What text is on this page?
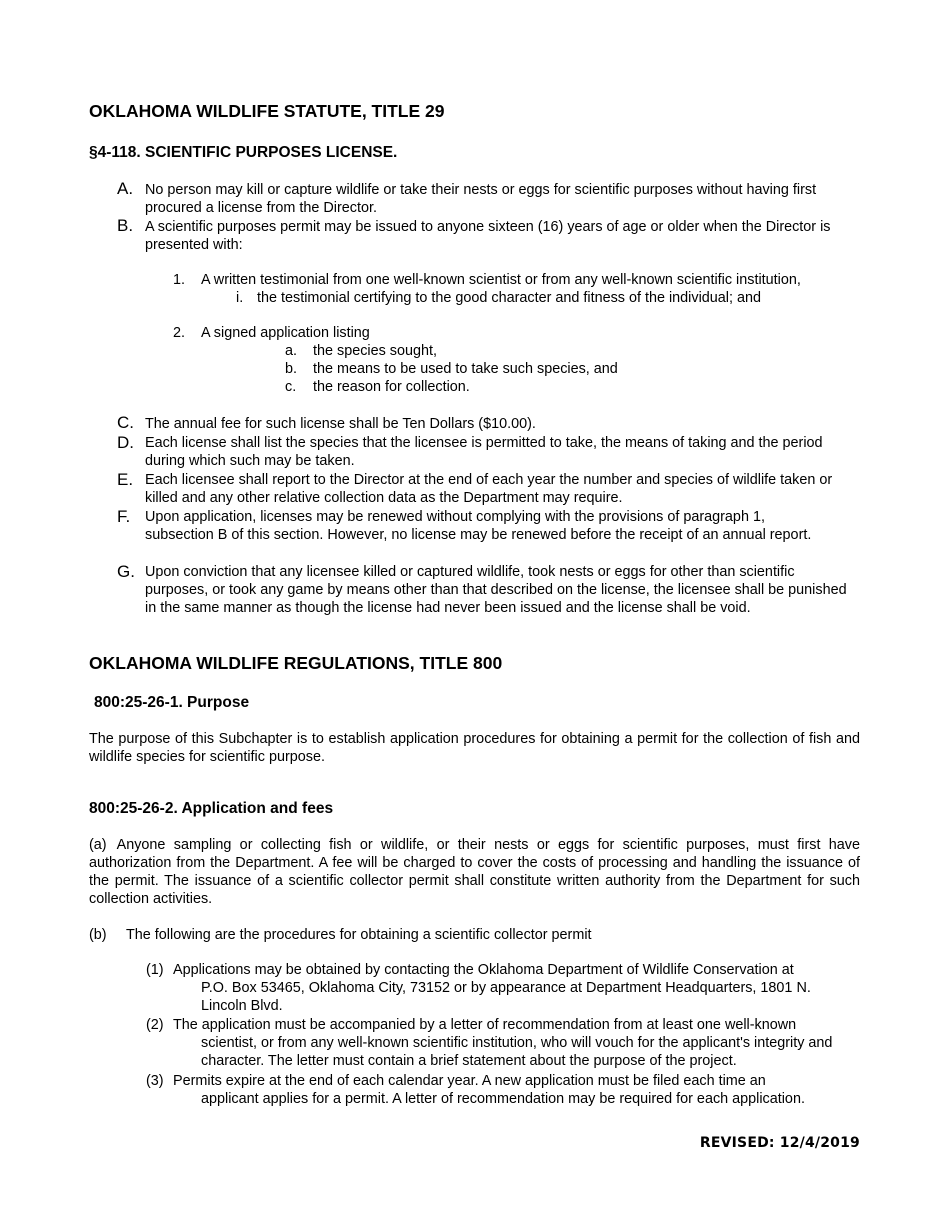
OKLAHOMA WILDLIFE STATUTE, TITLE 29
§4-118. SCIENTIFIC PURPOSES LICENSE.
A. No person may kill or capture wildlife or take their nests or eggs for scientific purposes without having first procured a license from the Director.
B. A scientific purposes permit may be issued to anyone sixteen (16) years of age or older when the Director is presented with:
1. A written testimonial from one well-known scientist or from any well-known scientific institution,
i. the testimonial certifying to the good character and fitness of the individual; and
2. A signed application listing
a. the species sought,
b. the means to be used to take such species, and
c. the reason for collection.
C. The annual fee for such license shall be Ten Dollars ($10.00).
D. Each license shall list the species that the licensee is permitted to take, the means of taking and the period during which such may be taken.
E. Each licensee shall report to the Director at the end of each year the number and species of wildlife taken or killed and any other relative collection data as the Department may require.
F. Upon application, licenses may be renewed without complying with the provisions of paragraph 1, subsection B of this section. However, no license may be renewed before the receipt of an annual report.
G. Upon conviction that any licensee killed or captured wildlife, took nests or eggs for other than scientific purposes, or took any game by means other than that described on the license, the licensee shall be punished in the same manner as though the license had never been issued and the license shall be void.
OKLAHOMA WILDLIFE REGULATIONS, TITLE 800
800:25-26-1. Purpose
The purpose of this Subchapter is to establish application procedures for obtaining a permit for the collection of fish and wildlife species for scientific purpose.
800:25-26-2. Application and fees
(a) Anyone sampling or collecting fish or wildlife, or their nests or eggs for scientific purposes, must first have authorization from the Department. A fee will be charged to cover the costs of processing and handling the issuance of the permit. The issuance of a scientific collector permit shall constitute written authority from the Department for such collection activities.
(b) The following are the procedures for obtaining a scientific collector permit
(1) Applications may be obtained by contacting the Oklahoma Department of Wildlife Conservation at
P.O. Box 53465, Oklahoma City, 73152 or by appearance at Department Headquarters, 1801 N. Lincoln Blvd.
(2) The application must be accompanied by a letter of recommendation from at least one well-known
scientist, or from any well-known scientific institution, who will vouch for the applicant's integrity and character. The letter must contain a brief statement about the purpose of the project.
(3) Permits expire at the end of each calendar year. A new application must be filed each time an
applicant applies for a permit. A letter of recommendation may be required for each application.
REVISED: 12/4/2019
